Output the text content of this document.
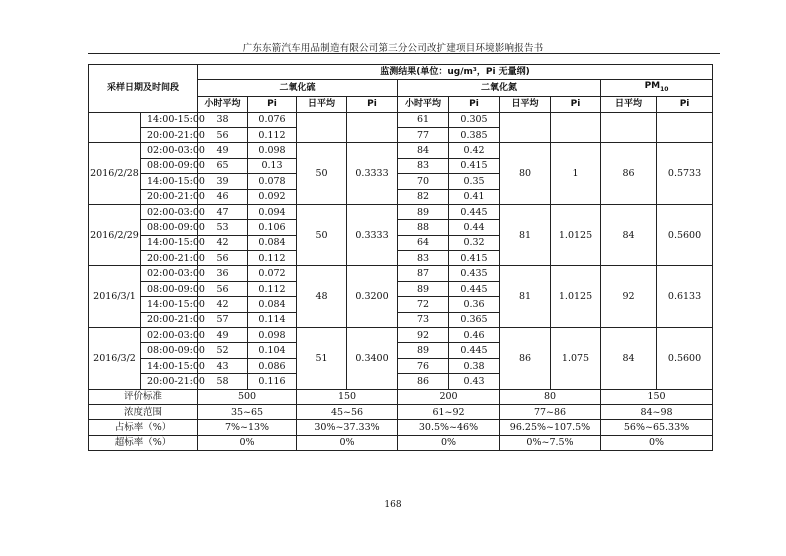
广东东箭汽车用品制造有限公司第三分公司改扩建项目环境影响报告书
采样日期及时间段		监测结果(单位：ug/m³，Pi 无量纲)									
		二氧化硫				二氧化氮				$PM_{10}$
		小时平均	Pi	日平均	Pi	小时平均	Pi	日平均	Pi	日平均	Pi
	14:00-15:00	38	0.076			61	0.305				
	20:00-21:00	56	0.112			77	0.385				
2016/2/28	02:00-03:00	49	0.098	50	0.3333	84	0.42	80	1	86	0.5733
	08:00-09:00	65	0.13			83	0.415				
	14:00-15:00	39	0.078			70	0.35				
	20:00-21:00	46	0.092			82	0.41				
2016/2/29	02:00-03:00	47	0.094	50	0.3333	89	0.445	81	1.0125	84	0.5600
	08:00-09:00	53	0.106			88	0.44				
	14:00-15:00	42	0.084			64	0.32				
	20:00-21:00	56	0.112			83	0.415				
2016/3/1	02:00-03:00	36	0.072	48	0.3200	87	0.435	81	1.0125	92	0.6133
	08:00-09:00	56	0.112			89	0.445				
	14:00-15:00	42	0.084			72	0.36				
	20:00-21:00	57	0.114			73	0.365				
2016/3/2	02:00-03:00	49	0.098	51	0.3400	92	0.46	86	1.075	84	0.5600
	08:00-09:00	52	0.104			89	0.445				
	14:00-15:00	43	0.086			76	0.38				
	20:00-21:00	58	0.116			86	0.43				
评价标准		500		150		200		80		150	
浓度范围		35~65		45~56		61~92		77~86		84~98	
占标率（%）		7%~13%		30%~37.33%		30.5%~46%		96.25%~107.5%		56%~65.33%	
超标率（%）		0%		0%		0%		0%~7.5%		0%	
168
